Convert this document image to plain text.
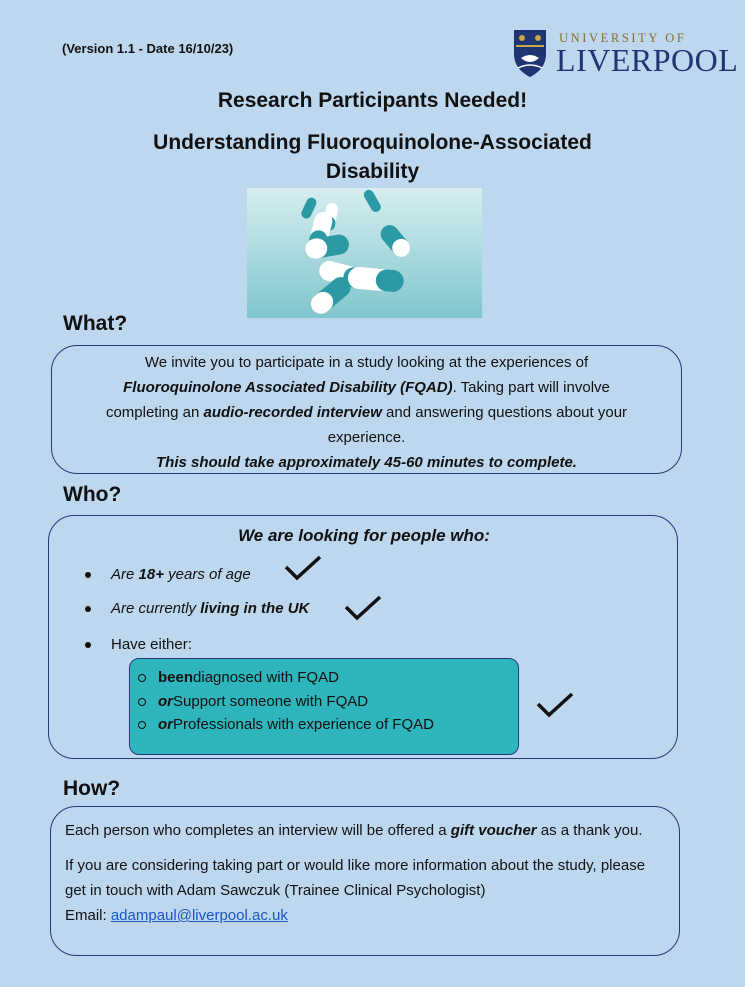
(Version 1.1 - Date 16/10/23)
UNIVERSITY OF
LIVERPOOL
Research Participants Needed!
Understanding Fluoroquinolone-Associated
Disability
What?
We invite you to participate in a study looking at the experiences of
Fluoroquinolone Associated Disability (FQAD). Taking part will involve
completing an audio-recorded interview and answering questions about your
experience.
This should take approximately 45-60 minutes to complete.
Who?
We are looking for people who:
Are 18+ years of age
Are currently living in the UK
Have either:
been diagnosed with FQAD
or Support someone with FQAD
or Professionals with experience of FQAD
How?

Each person who completes an interview will be offered a gift voucher as a thank you.

If you are considering taking part or would like more information about the study, please get in touch with Adam Sawczuk (Trainee Clinical Psychologist)

Email: adampaul@liverpool.ac.uk
